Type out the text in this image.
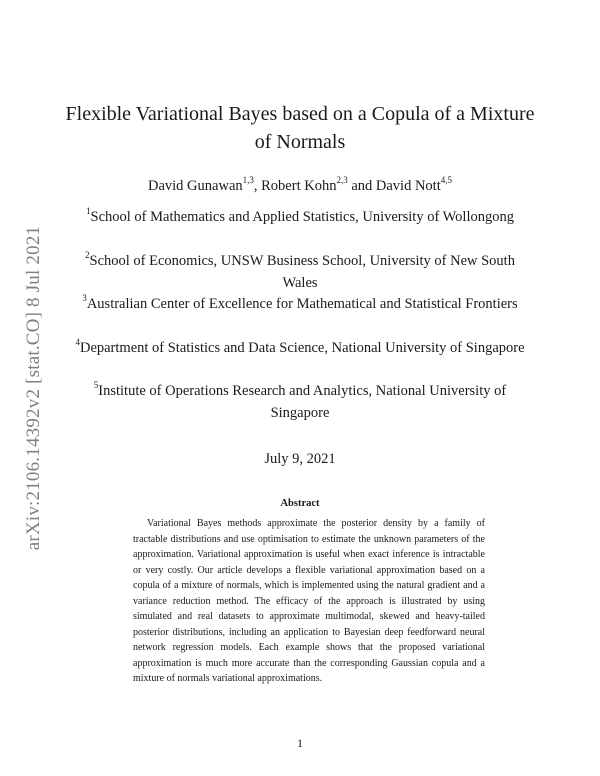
arXiv:2106.14392v2 [stat.CO] 8 Jul 2021
Flexible Variational Bayes based on a Copula of a Mixture of Normals
David Gunawan$^{1,3}$, Robert Kohn$^{2,3}$ and David Nott$^{4,5}$
$^1$School of Mathematics and Applied Statistics, University of Wollongong
$^2$School of Economics, UNSW Business School, University of New South Wales
$^3$Australian Center of Excellence for Mathematical and Statistical Frontiers
$^4$Department of Statistics and Data Science, National University of Singapore
$^5$Institute of Operations Research and Analytics, National University of Singapore
July 9, 2021
Abstract

Variational Bayes methods approximate the posterior density by a family of tractable distributions and use optimisation to estimate the unknown parameters of the approximation. Variational approximation is useful when exact inference is intractable or very costly. Our article develops a flexible variational approximation based on a copula of a mixture of normals, which is implemented using the natural gradient and a variance reduction method. The efficacy of the approach is illustrated by using simulated and real datasets to approximate multimodal, skewed and heavy-tailed posterior distributions, including an application to Bayesian deep feedforward neural network regression models. Each example shows that the proposed variational approximation is much more accurate than the corresponding Gaussian copula and a mixture of normals variational approximations.

1
